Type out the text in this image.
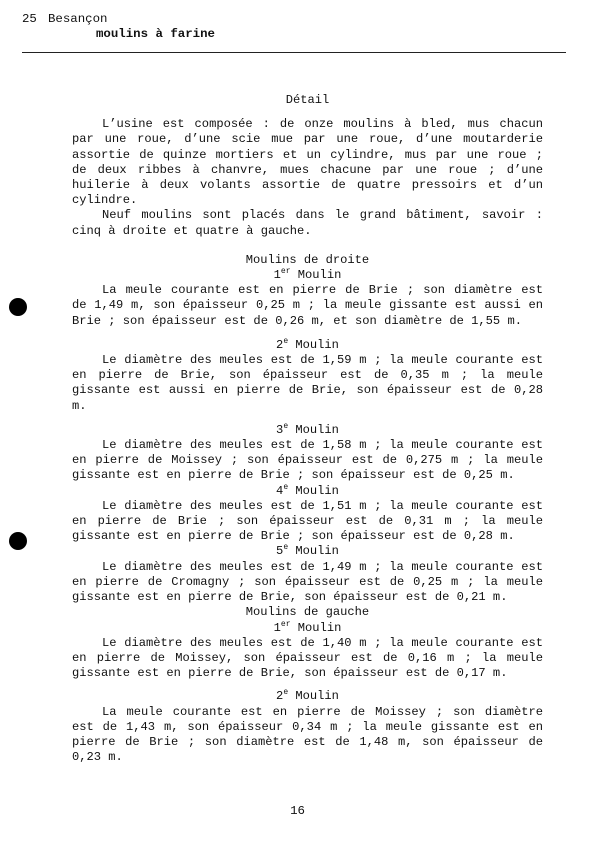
25 Besançon
moulins à farine
Détail
L’usine est composée : de onze moulins à bled, mus chacun par une roue, d’une scie mue par une roue, d’une moutarderie assortie de quinze mortiers et un cylindre, mus par une roue ; de deux ribbes à chanvre, mues chacune par une roue ; d’une huilerie à deux volants assortie de quatre pressoirs et d’un cylindre.
Neuf moulins sont placés dans le grand bâtiment, savoir : cinq à droite et quatre à gauche.
Moulins de droite
1er Moulin
La meule courante est en pierre de Brie ; son diamètre est de 1,49 m, son épaisseur 0,25 m ; la meule gissante est aussi en Brie ; son épaisseur est de 0,26 m, et son diamètre de 1,55 m.
2e Moulin
Le diamètre des meules est de 1,59 m ; la meule courante est en pierre de Brie, son épaisseur est de 0,35 m ; la meule gissante est aussi en pierre de Brie, son épaisseur est de 0,28 m.
3e Moulin
Le diamètre des meules est de 1,58 m ; la meule courante est en pierre de Moissey ; son épaisseur est de 0,275 m ; la meule gissante est en pierre de Brie ; son épaisseur est de 0,25 m.
4e Moulin
Le diamètre des meules est de 1,51 m ; la meule courante est en pierre de Brie ; son épaisseur est de 0,31 m ; la meule gissante est en pierre de Brie ; son épaisseur est de 0,28 m.
5e Moulin
Le diamètre des meules est de 1,49 m ; la meule courante est en pierre de Cromagny ; son épaisseur est de 0,25 m ; la meule gissante est en pierre de Brie, son épaisseur est de 0,21 m.
Moulins de gauche
1er Moulin
Le diamètre des meules est de 1,40 m ; la meule courante est en pierre de Moissey, son épaisseur est de 0,16 m ; la meule gissante est en pierre de Brie, son épaisseur est de 0,17 m.
2e Moulin
La meule courante est en pierre de Moissey ; son diamètre est de 1,43 m, son épaisseur 0,34 m ; la meule gissante est en pierre de Brie ; son diamètre est de 1,48 m, son épaisseur de 0,23 m.
16
